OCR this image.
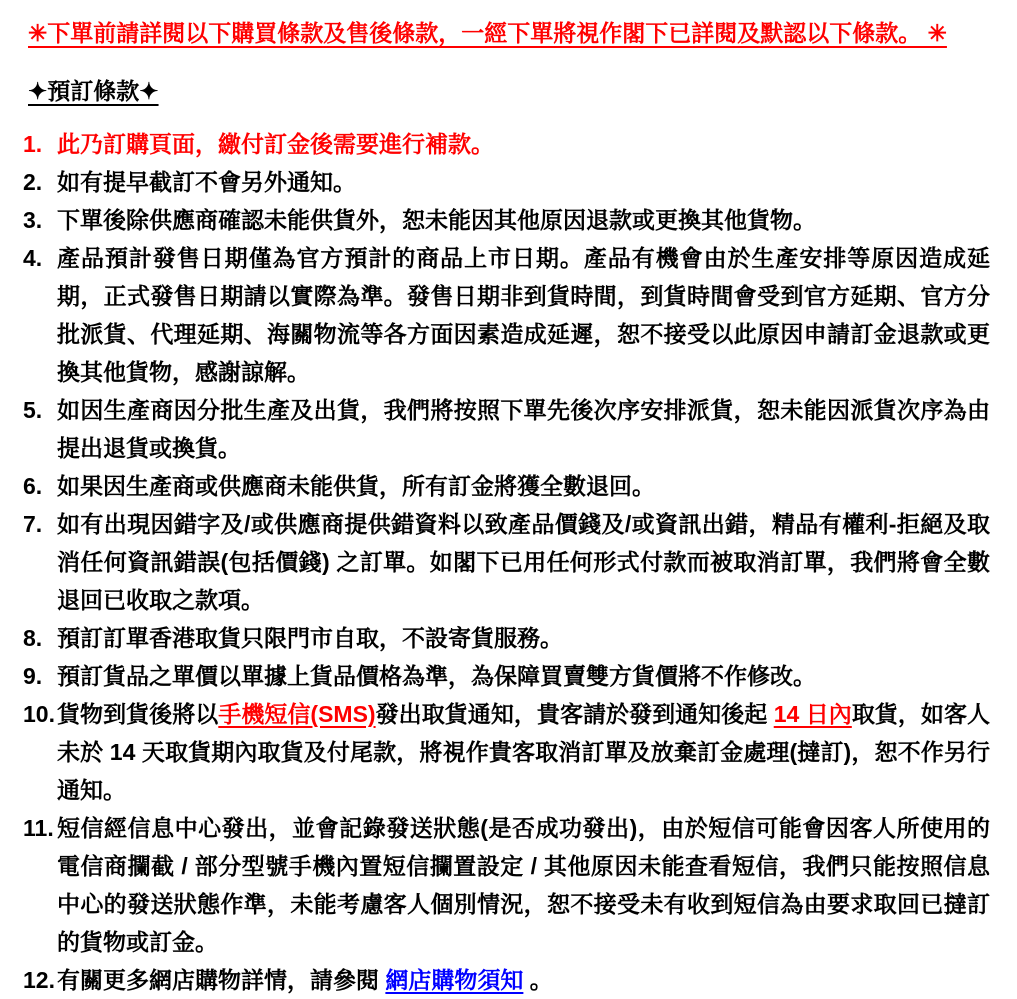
✳下單前請詳閱以下購買條款及售後條款，一經下單將視作閣下已詳閱及默認以下條款。 ✳
✦預訂條款✦
1. 此乃訂購頁面，繳付訂金後需要進行補款。
2. 如有提早截訂不會另外通知。
3. 下單後除供應商確認未能供貨外，恕未能因其他原因退款或更換其他貨物。
4. 產品預計發售日期僅為官方預計的商品上市日期。產品有機會由於生產安排等原因造成延期，正式發售日期請以實際為準。發售日期非到貨時間，到貨時間會受到官方延期、官方分批派貨、代理延期、海關物流等各方面因素造成延遲，恕不接受以此原因申請訂金退款或更換其他貨物，感謝諒解。
5. 如因生產商因分批生產及出貨，我們將按照下單先後次序安排派貨，恕未能因派貨次序為由提出退貨或換貨。
6. 如果因生產商或供應商未能供貨，所有訂金將獲全數退回。
7. 如有出現因錯字及/或供應商提供錯資料以致產品價錢及/或資訊出錯，精品有權利-拒絕及取消任何資訊錯誤(包括價錢) 之訂單。如閣下已用任何形式付款而被取消訂單，我們將會全數退回已收取之款項。
8. 預訂訂單香港取貨只限門市自取，不設寄貨服務。
9. 預訂貨品之單價以單據上貨品價格為準，為保障買賣雙方貨價將不作修改。
10. 貨物到貨後將以手機短信(SMS)發出取貨通知，貴客請於發到通知後起 14 日內取貨，如客人未於 14 天取貨期內取貨及付尾款，將視作貴客取消訂單及放棄訂金處理(撻訂)，恕不作另行通知。
11. 短信經信息中心發出，並會記錄發送狀態(是否成功發出)，由於短信可能會因客人所使用的電信商攔截 / 部分型號手機內置短信攔置設定 / 其他原因未能查看短信，我們只能按照信息中心的發送狀態作準，未能考慮客人個別情況，恕不接受未有收到短信為由要求取回已撻訂的貨物或訂金。
12. 有關更多網店購物詳情，請參閱 網店購物須知 。
